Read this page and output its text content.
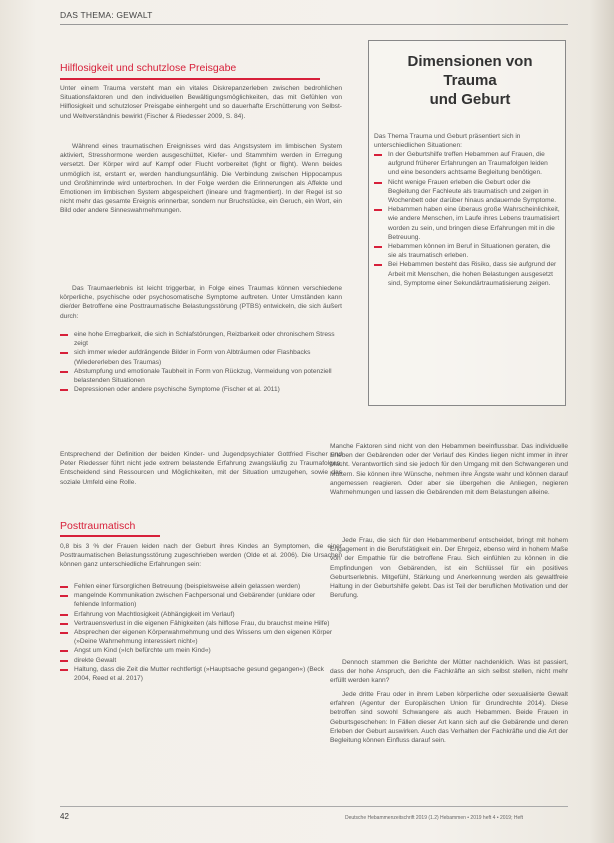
DAS THEMA: GEWALT
Hilflosigkeit und schutzlose Preisgabe

Unter einem Trauma versteht man ein vitales Diskrepanzerleben zwischen bedrohlichen Situationsfaktoren und den individuellen Bewältigungsmöglichkeiten, das mit Gefühlen von Hilflosigkeit und schutzloser Preisgabe einhergeht und so dauerhafte Erschütterung von Selbst- und Weltverständnis bewirkt (Fischer & Riedesser 2009, S. 84).

Während eines traumatischen Ereignisses wird das Angstsystem im limbischen System aktiviert, Stresshormone werden ausgeschüttet, Kiefer- und Stammhirn werden in Erregung versetzt. Der Körper wird auf Kampf oder Flucht vorbereitet (fight or flight). Wenn beides unmöglich ist, erstarrt er, werden handlungsunfähig. Die Verbindung zwischen Hippocampus und Großhirnrinde wird unterbrochen. In der Folge werden die Erinnerungen als Affekte und Emotionen im limbischen System abgespeichert (lineare und fragmentiert). In der Regel ist so nicht mehr das gesamte Ereignis erinnerbar, sondern nur Bruchstücke, ein Geruch, ein Wort, ein Bild oder andere Sinneswahrnehmungen.

Das Traumaerlebnis ist leicht triggerbar, in Folge eines Traumas können verschiedene körperliche, psychische oder psychosomatische Symptome auftreten. Unter Umständen kann die/der Betroffene eine Posttraumatische Belastungsstörung (PTBS) entwickeln, die sich äußert durch:

eine hohe Erregbarkeit, die sich in Schlafstörungen, Reizbarkeit oder chronischem Stress zeigt
sich immer wieder aufdrängende Bilder in Form von Albträumen oder Flashbacks (Wiedererleben des Traumas)
Abstumpfung und emotionale Taubheit in Form von Rückzug, Vermeidung von potenziell belastenden Situationen
Depressionen oder andere psychische Symptome (Fischer et al. 2011)

Entsprechend der Definition der beiden Kinder- und Jugendpsychiater Gottfried Fischer und Peter Riedesser führt nicht jede extrem belastende Erfahrung zwangsläufig zu Traumafolgen. Entscheidend sind Ressourcen und Möglichkeiten, mit der Situation umzugehen, sowie das soziale Umfeld eine Rolle.

Posttraumatisch

0,8 bis 3 % der Frauen leiden nach der Geburt ihres Kindes an Symptomen, die einer Posttraumatischen Belastungsstörung zugeschrieben werden (Olde et al. 2006). Die Ursachen können ganz unterschiedliche Erfahrungen sein:

Fehlen einer fürsorglichen Betreuung (beispielsweise allein gelassen werden)
mangelnde Kommunikation zwischen Fachpersonal und Gebärender (unklare oder fehlende Information)
Erfahrung von Machtlosigkeit (Abhängigkeit im Verlauf)
Vertrauensverlust in die eigenen Fähigkeiten (als hilflose Frau, du brauchst meine Hilfe)
Absprechen der eigenen Körperwahrnehmung und des Wissens um den eigenen Körper (»Deine Wahrnehmung interessiert nicht«)
Angst um Kind (»Ich befürchte um mein Kind«)
direkte Gewalt
Haltung, dass die Zeit die Mutter rechtfertigt (»Hauptsache gesund gegangen«) (Beck 2004, Reed et al. 2017)
Dimensionen von
Trauma
und Geburt

Das Thema Trauma und Geburt präsentiert sich in unterschiedlichen Situationen:

In der Geburtshilfe treffen Hebammen auf Frauen, die aufgrund früherer Erfahrungen an Traumafolgen leiden und eine besonders achtsame Begleitung benötigen.
Nicht wenige Frauen erleben die Geburt oder die Begleitung der Fachleute als traumatisch und zeigen in Wochenbett oder darüber hinaus andauernde Symptome.
Hebammen haben eine überaus große Wahrscheinlichkeit, wie andere Menschen, im Laufe ihres Lebens traumatisiert worden zu sein, und bringen diese Erfahrungen mit in die Betreuung.
Hebammen können im Beruf in Situationen geraten, die sie als traumatisch erleben.
Bei Hebammen besteht das Risiko, dass sie aufgrund der Arbeit mit Menschen, die hohen Belastungen ausgesetzt sind, Symptome einer Sekundärtraumatisierung zeigen.

Manche Faktoren sind nicht von den Hebammen beeinflussbar. Das individuelle Erleben der Gebärenden oder der Verlauf des Kindes liegen nicht immer in ihrer Macht. Verantwortlich sind sie jedoch für den Umgang mit den Schwangeren und Müttern. Sie können ihre Wünsche, nehmen ihre Ängste wahr und können darauf angemessen reagieren. Oder aber sie übergehen die Anliegen, negieren Wahrnehmungen und lassen die Gebärenden mit dem Belastungen alleine.

Jede Frau, die sich für den Hebammenberuf entscheidet, bringt mit hohem Engagement in die Berufstätigkeit ein. Der Ehrgeiz, ebenso wird in hohem Maße von der Empathie für die betroffene Frau. Sich einfühlen zu können in die Empfindungen von Gebärenden, ist ein Schlüssel für ein positives Geburtserlebnis. Mitgefühl, Stärkung und Anerkennung werden als gewaltfreie Haltung in der Geburtshilfe gelebt. Das ist Teil der beruflichen Motivation und der Berufung.

Dennoch stammen die Berichte der Mütter nachdenklich. Was ist passiert, dass der hohe Anspruch, den die Fachkräfte an sich selbst stellen, nicht mehr erfüllt werden kann?

Jede dritte Frau oder in ihrem Leben körperliche oder sexualisierte Gewalt erfahren (Agentur der Europäischen Union für Grundrechte 2014). Diese betroffen sind sowohl Schwangere als auch Hebammen. Beide Frauen in Geburtsgeschehen: In Fällen dieser Art kann sich auf die Gebärende und deren Erleben der Geburt auswirken. Auch das Verhalten der Fachkräfte und die Art der Begleitung können Einfluss darauf sein.

42	Deutsche Hebammenzeitschrift 2019 (1.2) Hebammen • 2019 heft 4 • 2019; Heft
